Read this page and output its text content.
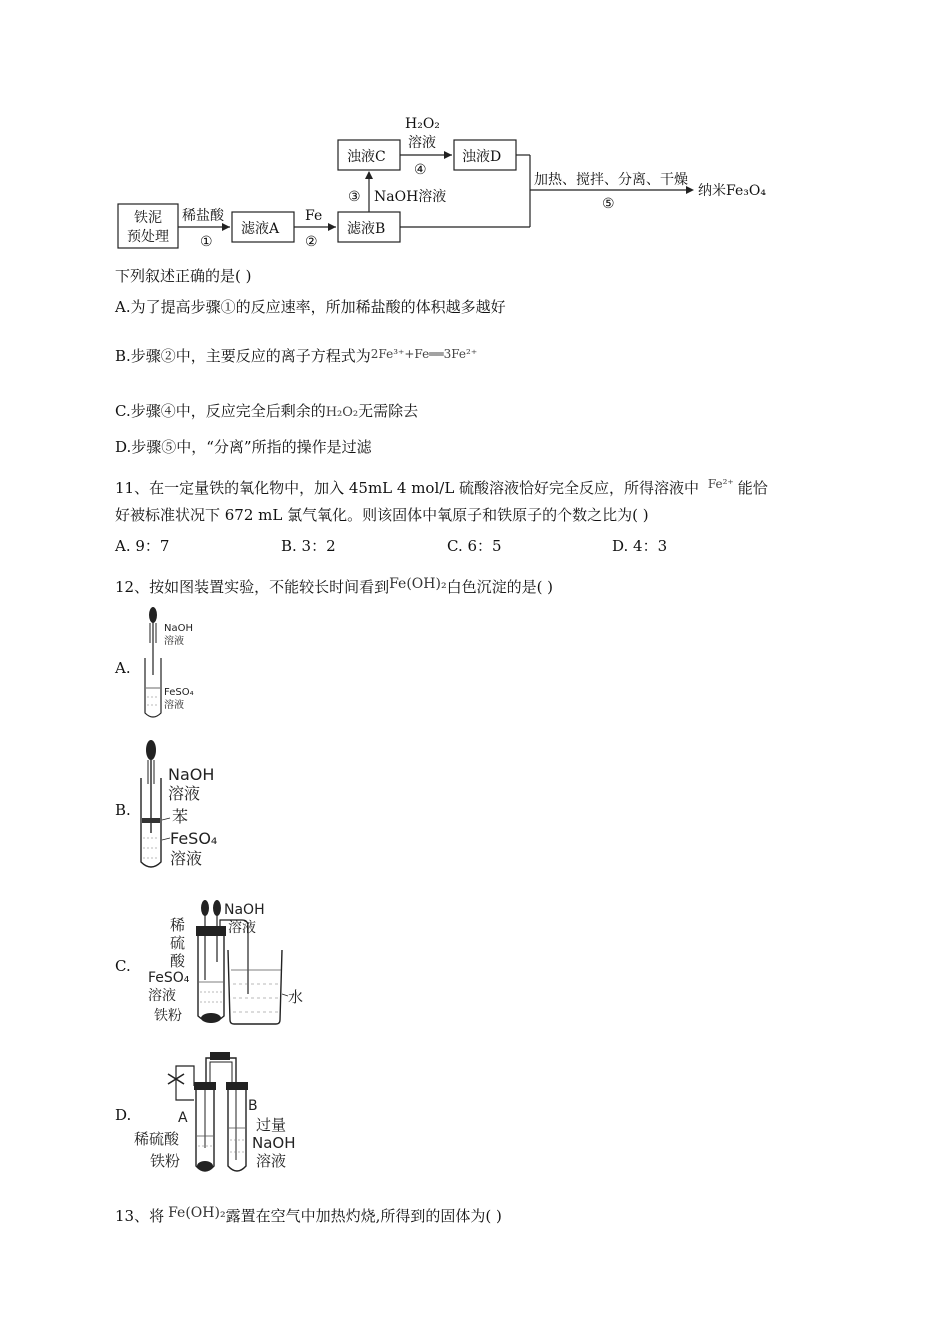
铁泥
预处理
稀盐酸
①
滤液A
Fe
②
滤液B
③ NaOH溶液
浊液C
H₂O₂
溶液
④
浊液D
加热、搅拌、分离、干燥
⑤
纳米Fe₃O₄
下列叙述正确的是( )
A.为了提高步骤①的反应速率，所加稀盐酸的体积越多越好
B.步骤②中，主要反应的离子方程式为$^{2Fe^{3+}+Fe══3Fe^{2+}}$
C.步骤④中，反应完全后剩余的H₂O₂无需除去
D.步骤⑤中，“分离”所指的操作是过滤
11、在一定量铁的氧化物中，加入 45mL 4 mol/L 硫酸溶液恰好完全反应，所得溶液中 $^{Fe^{2+}}$ 能恰
好被标准状况下 672 mL 氯气氧化。则该固体中氧原子和铁原子的个数之比为( )
A. 9：7	B. 3：2	C. 6：5	D. 4：3
12、按如图装置实验，不能较长时间看到Fe(OH)₂白色沉淀的是( )
A.
NaOH
溶液
FeSO₄
溶液
B.
NaOH
溶液
苯
FeSO₄
溶液
C.
稀
硫
酸
NaOH
溶液
FeSO₄
溶液
铁粉
水
D.	A
B
稀硫酸
铁粉
过量
NaOH
溶液
13、将 Fe(OH)₂露置在空气中加热灼烧,所得到的固体为( )
